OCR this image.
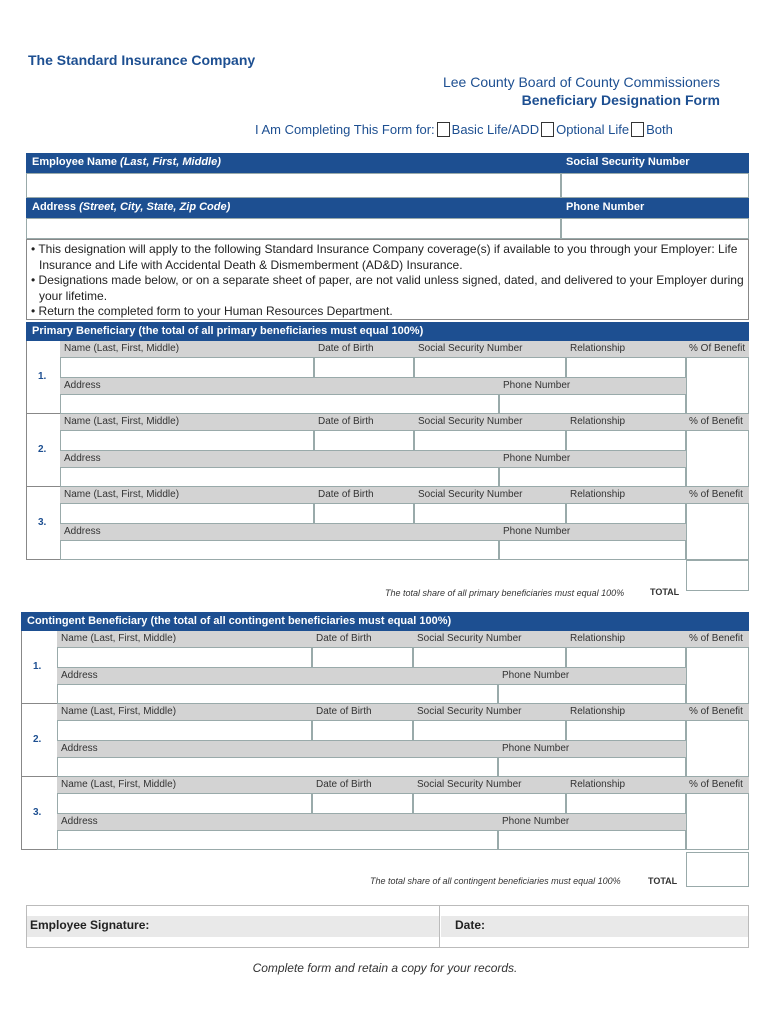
The Standard Insurance Company
Lee County Board of County Commissioners
Beneficiary Designation Form
I Am Completing This Form for: Basic Life/ADD Optional Life Both
Employee Name (Last, First, Middle)	Social Security Number
Address (Street, City, State, Zip Code)	Phone Number
• This designation will apply to the following Standard Insurance Company coverage(s) if available to you through your Employer: Life Insurance and Life with Accidental Death & Dismemberment (AD&D) Insurance.
• Designations made below, or on a separate sheet of paper, are not valid unless signed, dated, and delivered to your Employer during your lifetime.
• Return the completed form to your Human Resources Department.
Primary Beneficiary (the total of all primary beneficiaries must equal 100%)
1.
Name (Last, First, Middle)	Date of Birth	Social Security Number	Relationship	% Of Benefit
Address	Phone Number
2.
Name (Last, First, Middle)	Date of Birth	Social Security Number	Relationship	% of Benefit
Address	Phone Number
3.
Name (Last, First, Middle)	Date of Birth	Social Security Number	Relationship	% of Benefit
Address	Phone Number
The total share of all primary beneficiaries must equal 100%	TOTAL
Contingent Beneficiary (the total of all contingent beneficiaries must equal 100%)
1.
Name (Last, First, Middle)	Date of Birth	Social Security Number	Relationship	% of Benefit
Address	Phone Number
2.
Name (Last, First, Middle)	Date of Birth	Social Security Number	Relationship	% of Benefit
Address	Phone Number
3.
Name (Last, First, Middle)	Date of Birth	Social Security Number	Relationship	% of Benefit
Address	Phone Number
The total share of all contingent beneficiaries must equal 100%	TOTAL
Employee Signature:	Date:
Complete form and retain a copy for your records.
